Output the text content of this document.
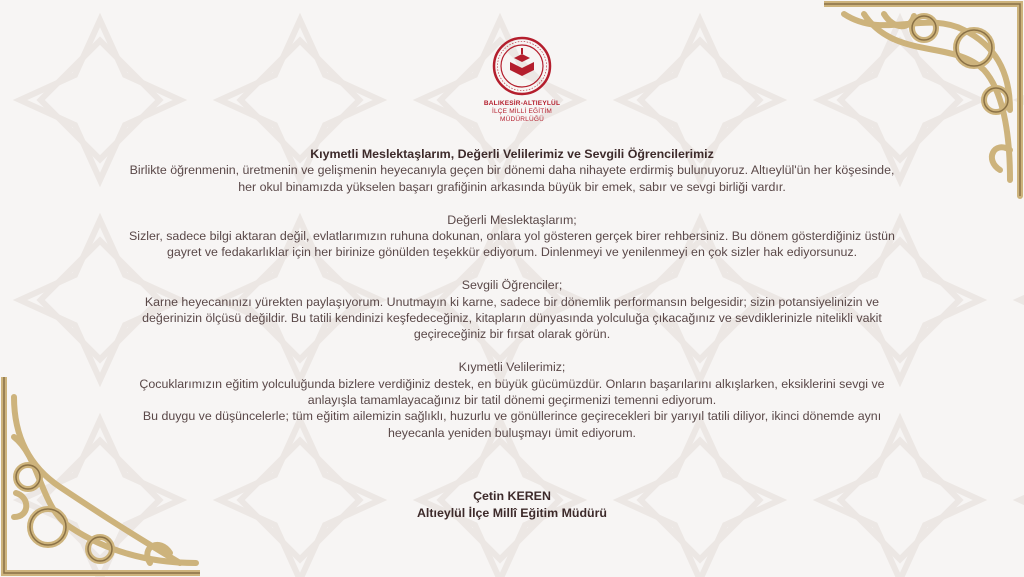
BALIKESİR-ALTIEYLÜL
İLÇE MİLLİ EĞİTİM MÜDÜRLÜĞÜ

Kıymetli Meslektaşlarım, Değerli Velilerimiz ve Sevgili Öğrencilerimiz

Birlikte öğrenmenin, üretmenin ve gelişmenin heyecanıyla geçen bir dönemi daha nihayete erdirmiş bulunuyoruz. Altıeylül'ün her köşesinde,

her okul binamızda yükselen başarı grafiğinin arkasında büyük bir emek, sabır ve sevgi birliği vardır.

Değerli Meslektaşlarım;

Sizler, sadece bilgi aktaran değil, evlatlarımızın ruhuna dokunan, onlara yol gösteren gerçek birer rehbersiniz. Bu dönem gösterdiğiniz üstün

gayret ve fedakarlıklar için her birinize gönülden teşekkür ediyorum. Dinlenmeyi ve yenilenmeyi en çok sizler hak ediyorsunuz.

Sevgili Öğrenciler;

Karne heyecanınızı yürekten paylaşıyorum. Unutmayın ki karne, sadece bir dönemlik performansın belgesidir; sizin potansiyelinizin ve

değerinizin ölçüsü değildir. Bu tatili kendinizi keşfedeceğiniz, kitapların dünyasında yolculuğa çıkacağınız ve sevdiklerinizle nitelikli vakit

geçireceğiniz bir fırsat olarak görün.

Kıymetli Velilerimiz;

Çocuklarımızın eğitim yolculuğunda bizlere verdiğiniz destek, en büyük gücümüzdür. Onların başarılarını alkışlarken, eksiklerini sevgi ve

anlayışla tamamlayacağınız bir tatil dönemi geçirmenizi temenni ediyorum.

Bu duygu ve düşüncelerle; tüm eğitim ailemizin sağlıklı, huzurlu ve gönüllerince geçirecekleri bir yarıyıl tatili diliyor, ikinci dönemde aynı

heyecanla yeniden buluşmayı ümit ediyorum.

Çetin KEREN
Altıeylül İlçe Millî Eğitim Müdürü
